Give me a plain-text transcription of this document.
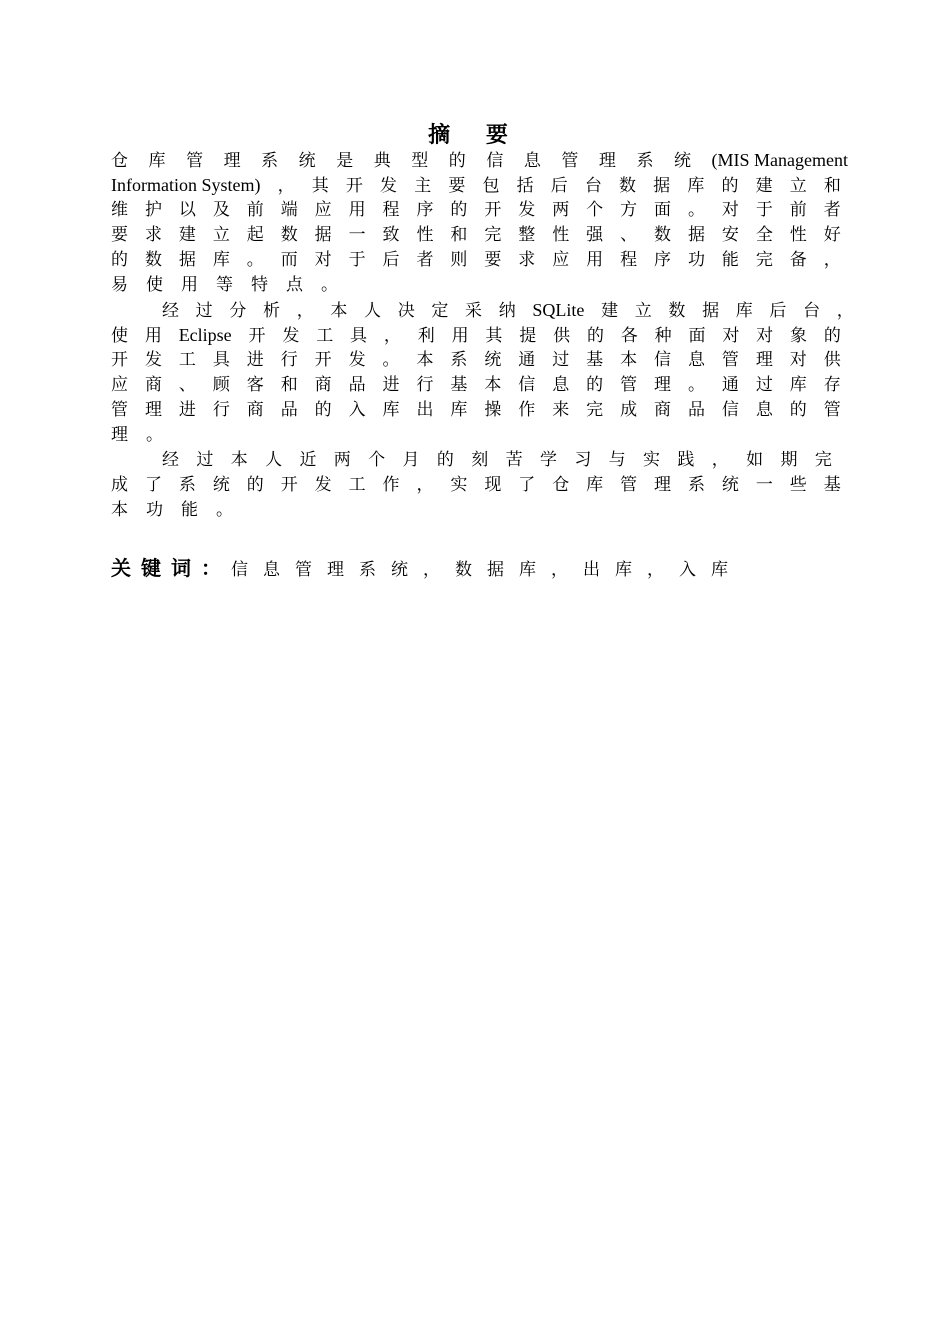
摘 要
仓 库 管 理 系 统 是 典 型 的 信 息 管 理 系 统 (MIS Management
Information System) ， 其 开 发 主 要 包 括 后 台 数 据 库 的 建 立 和
维 护 以 及 前 端 应 用 程 序 的 开 发 两 个 方 面 。 对 于 前 者
要 求 建 立 起 数 据 一 致 性 和 完 整 性 强 、 数 据 安 全 性 好
的 数 据 库 。 而 对 于 后 者 则 要 求 应 用 程 序 功 能 完 备 ，
易 使 用 等 特 点 。
经 过 分 析 ， 本 人 决 定 采 纳 SQLite 建 立 数 据 库 后 台 ，
使 用 Eclipse 开 发 工 具 ， 利 用 其 提 供 的 各 种 面 对 对 象 的
开 发 工 具 进 行 开 发 。 本 系 统 通 过 基 本 信 息 管 理 对 供
应 商 、 顾 客 和 商 品 进 行 基 本 信 息 的 管 理 。 通 过 库 存
管 理 进 行 商 品 的 入 库 出 库 操 作 来 完 成 商 品 信 息 的 管
理 。
经 过 本 人 近 两 个 月 的 刻 苦 学 习 与 实 践 ， 如 期 完
成 了 系 统 的 开 发 工 作 ， 实 现 了 仓 库 管 理 系 统 一 些 基
本 功 能 。
关键词：信息管理系统，数据库，出库，入库
